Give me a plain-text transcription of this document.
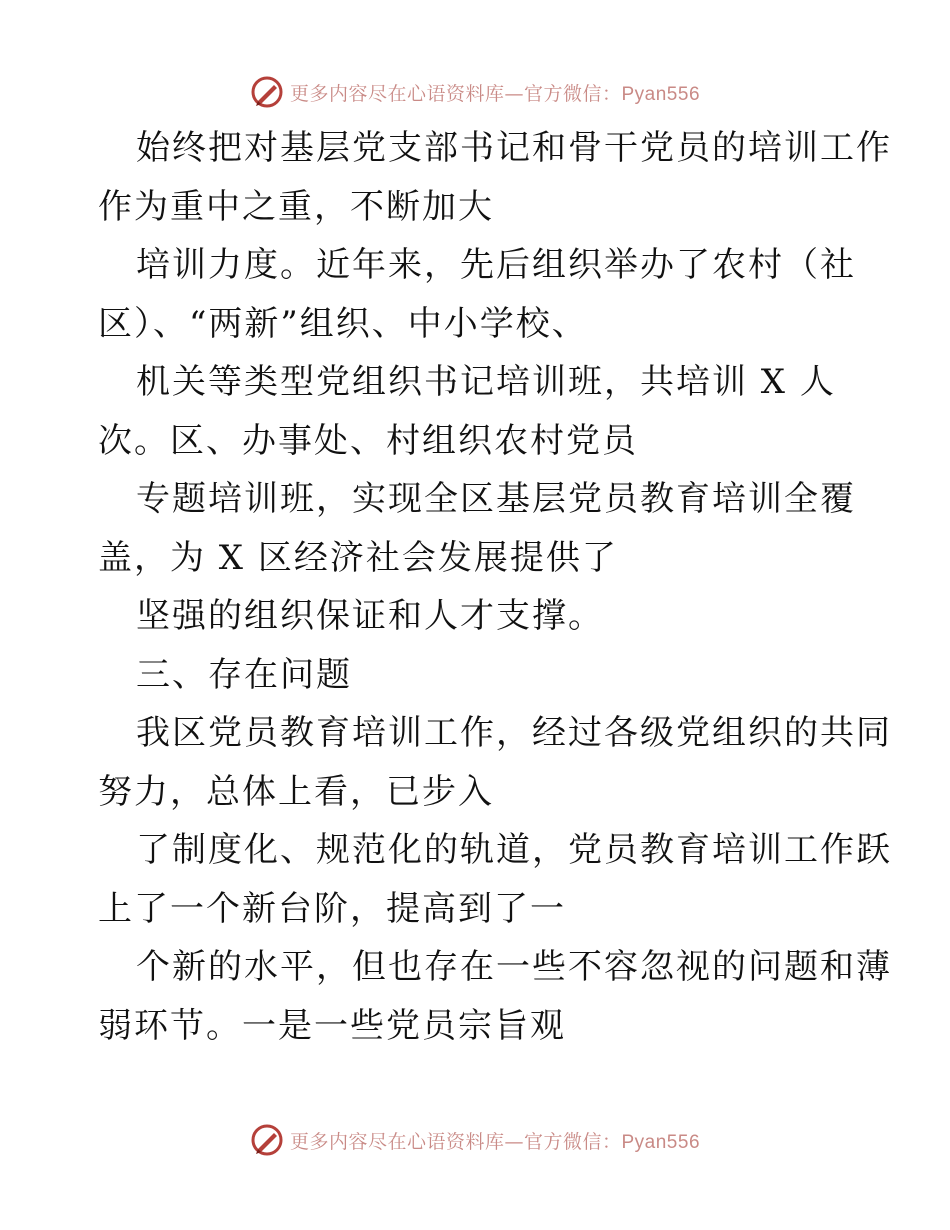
更多内容尽在心语资料库—官方微信：Pyan556
始终把对基层党支部书记和骨干党员的培训工作
作为重中之重，不断加大
培训力度。近年来，先后组织举办了农村（社
区）、“两新”组织、中小学校、
机关等类型党组织书记培训班，共培训 X 人
次。区、办事处、村组织农村党员
专题培训班，实现全区基层党员教育培训全覆
盖，为 X 区经济社会发展提供了
坚强的组织保证和人才支撑。
三、存在问题
我区党员教育培训工作，经过各级党组织的共同
努力，总体上看，已步入
了制度化、规范化的轨道，党员教育培训工作跃
上了一个新台阶，提高到了一
个新的水平，但也存在一些不容忽视的问题和薄
弱环节。一是一些党员宗旨观
更多内容尽在心语资料库—官方微信：Pyan556
